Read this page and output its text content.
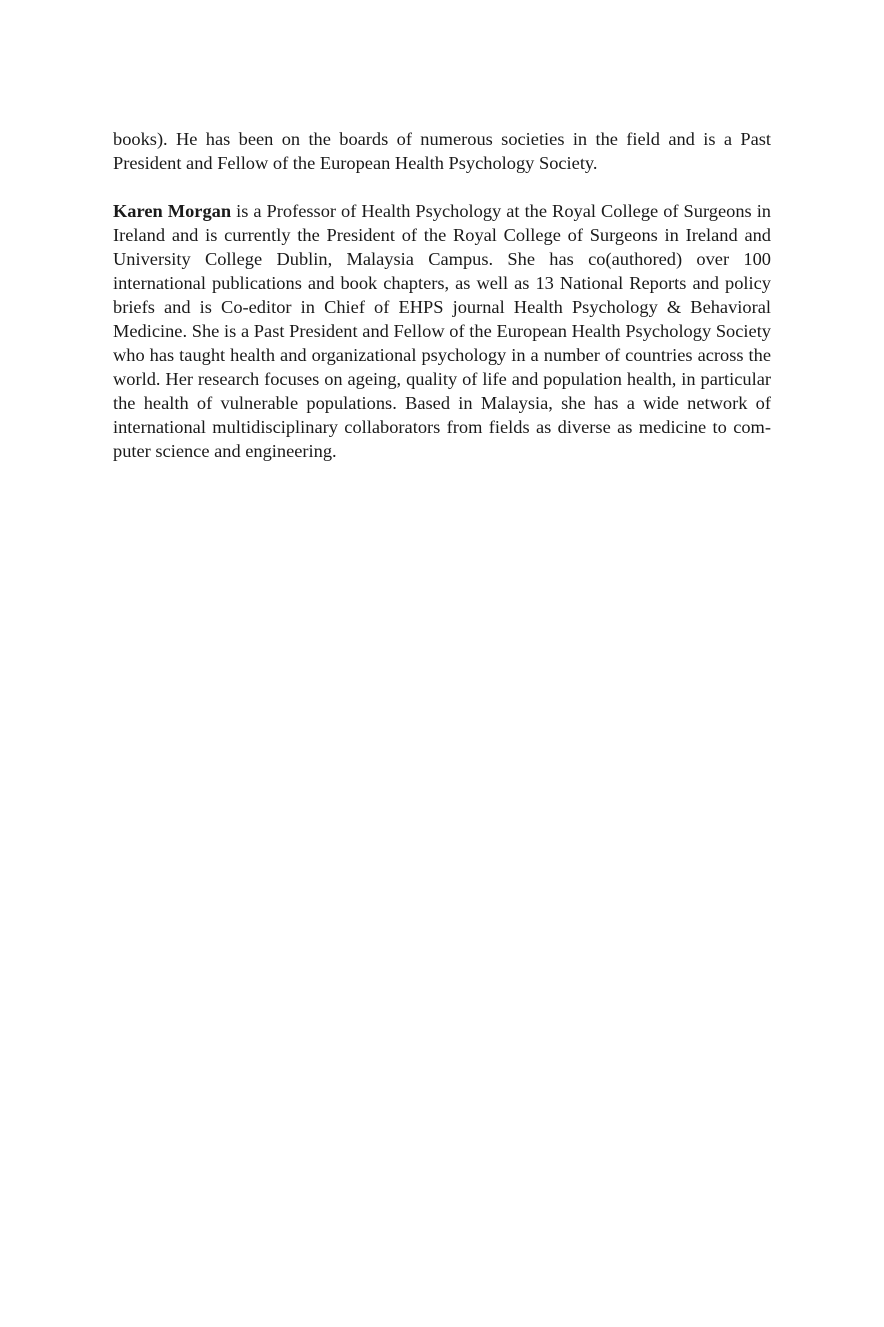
books). He has been on the boards of numerous societies in the field and is a Past President and Fellow of the European Health Psychology Society.

Karen Morgan is a Professor of Health Psychology at the Royal College of Surgeons in Ireland and is currently the President of the Royal College of Surgeons in Ireland and University College Dublin, Malaysia Campus. She has co(authored) over 100 international publications and book chapters, as well as 13 National Reports and policy briefs and is Co-editor in Chief of EHPS journal Health Psychology & Behavioral Medicine. She is a Past President and Fellow of the European Health Psychology Society who has taught health and organizational psychology in a number of countries across the world. Her research focuses on ageing, quality of life and population health, in particular the health of vulnerable populations. Based in Malaysia, she has a wide network of international multidisciplinary collaborators from fields as diverse as medicine to computer science and engineering.
